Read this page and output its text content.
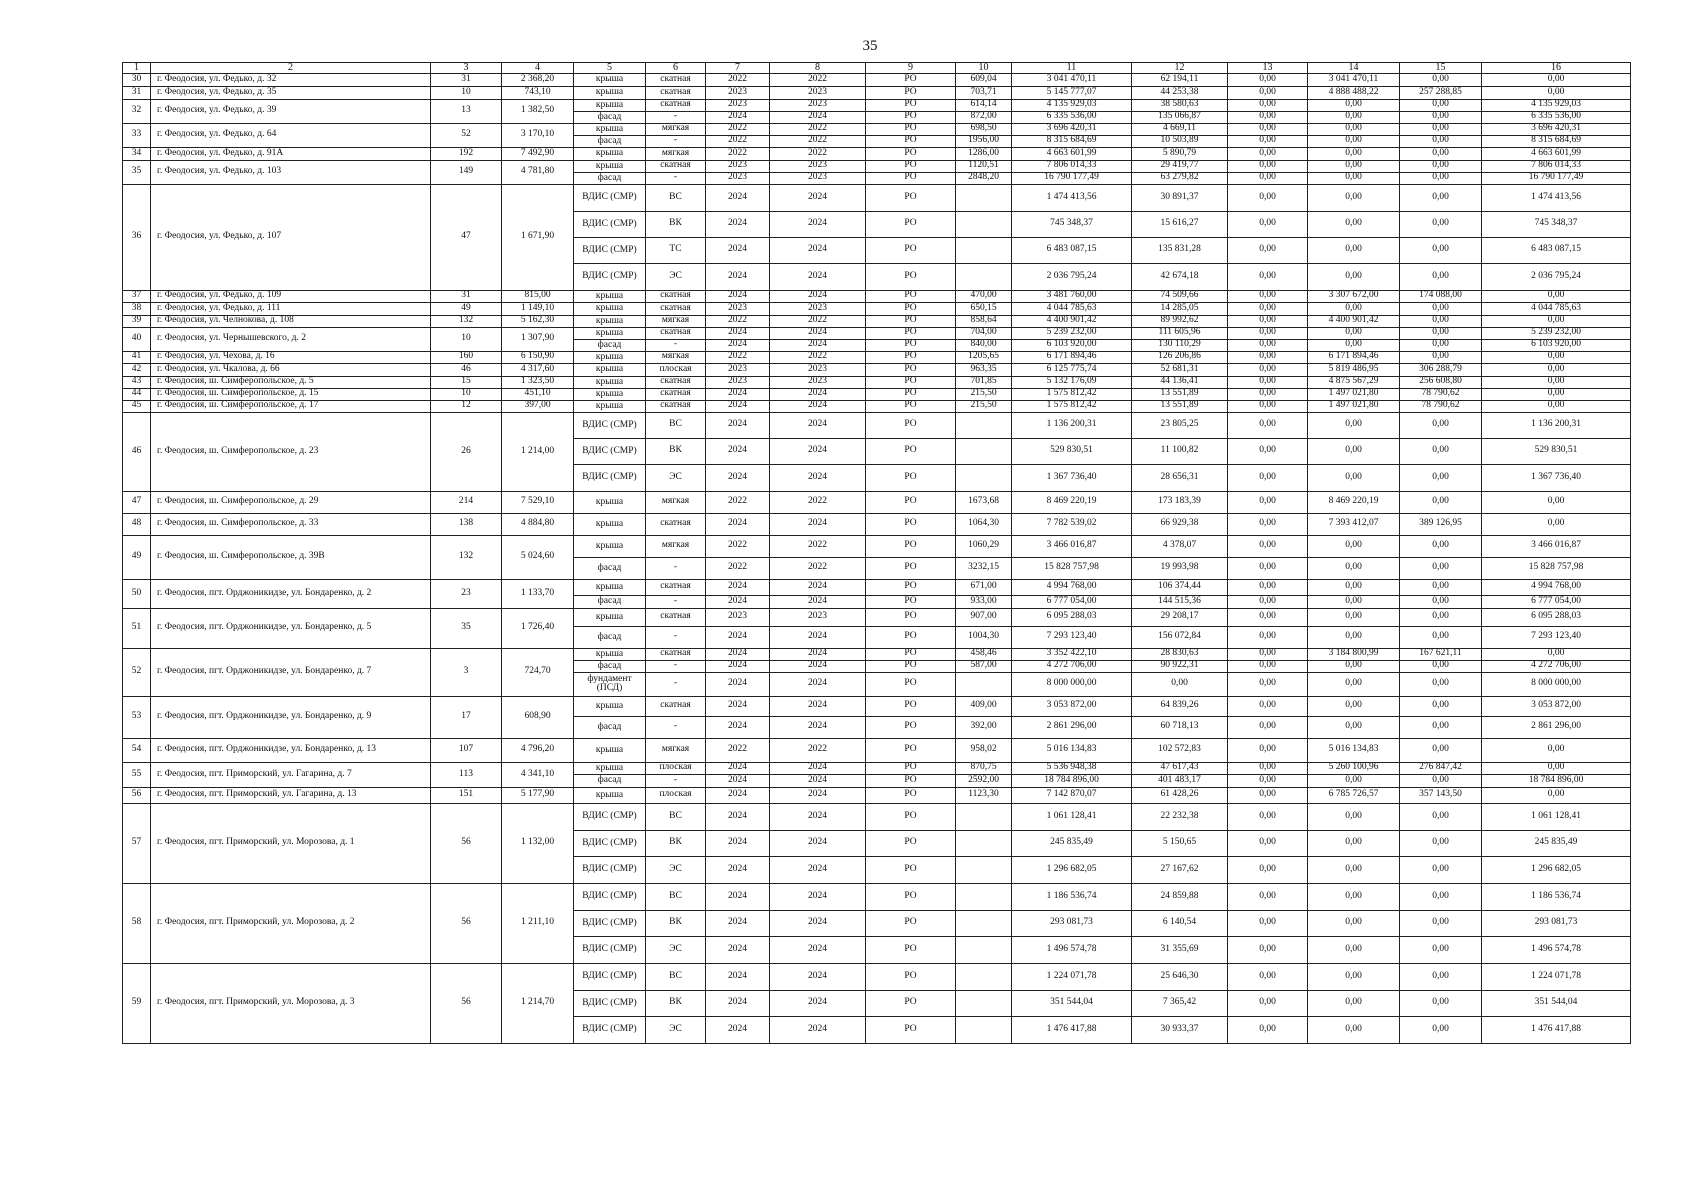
35
1	2	3	4	5	6	7	8	9	10	11	12	13	14	15	16
30	г. Феодосия, ул. Федько, д. 32	31	2 368,20	крыша	скатная	2022	2022	РО	609,04	3 041 470,11	62 194,11	0,00	3 041 470,11	0,00	0,00
31	г. Феодосия, ул. Федько, д. 35	10	743,10	крыша	скатная	2023	2023	РО	703,71	5 145 777,07	44 253,38	0,00	4 888 488,22	257 288,85	0,00
32	г. Феодосия, ул. Федько, д. 39	13	1 382,50	крыша	скатная	2023	2023	РО	614,14	4 135 929,03	38 580,63	0,00	0,00	0,00	4 135 929,03
				фасад	-	2024	2024	РО	872,00	6 335 536,00	135 066,87	0,00	0,00	0,00	6 335 536,00
33	г. Феодосия, ул. Федько, д. 64	52	3 170,10	крыша	мягкая	2022	2022	РО	698,50	3 696 420,31	4 669,11	0,00	0,00	0,00	3 696 420,31
				фасад	-	2022	2022	РО	1956,00	8 315 684,69	10 503,89	0,00	0,00	0,00	8 315 684,69
34	г. Феодосия, ул. Федько, д. 91А	192	7 492,90	крыша	мягкая	2022	2022	РО	1286,00	4 663 601,99	5 890,79	0,00	0,00	0,00	4 663 601,99
35	г. Феодосия, ул. Федько, д. 103	149	4 781,80	крыша	скатная	2023	2023	РО	1120,51	7 806 014,33	29 419,77	0,00	0,00	0,00	7 806 014,33
				фасад	-	2023	2023	РО	2848,20	16 790 177,49	63 279,82	0,00	0,00	0,00	16 790 177,49
36	г. Феодосия, ул. Федько, д. 107	47	1 671,90	ВДИС (СМР)	ВС	2024	2024	РО		1 474 413,56	30 891,37	0,00	0,00	0,00	1 474 413,56
				ВДИС (СМР)	ВК	2024	2024	РО		745 348,37	15 616,27	0,00	0,00	0,00	745 348,37
				ВДИС (СМР)	ТС	2024	2024	РО		6 483 087,15	135 831,28	0,00	0,00	0,00	6 483 087,15
				ВДИС (СМР)	ЭС	2024	2024	РО		2 036 795,24	42 674,18	0,00	0,00	0,00	2 036 795,24
37	г. Феодосия, ул. Федько, д. 109	31	815,00	крыша	скатная	2024	2024	РО	470,00	3 481 760,00	74 509,66	0,00	3 307 672,00	174 088,00	0,00
38	г. Феодосия, ул. Федько, д. 111	49	1 149,10	крыша	скатная	2023	2023	РО	650,15	4 044 785,63	14 285,05	0,00	0,00	0,00	4 044 785,63
39	г. Феодосия, ул. Челнокова, д. 108	132	5 162,30	крыша	мягкая	2022	2022	РО	858,64	4 400 901,42	89 992,62	0,00	4 400 901,42	0,00	0,00
40	г. Феодосия, ул. Чернышевского, д. 2	10	1 307,90	крыша	скатная	2024	2024	РО	704,00	5 239 232,00	111 605,96	0,00	0,00	0,00	5 239 232,00
				фасад	-	2024	2024	РО	840,00	6 103 920,00	130 110,29	0,00	0,00	0,00	6 103 920,00
41	г. Феодосия, ул. Чехова, д. 16	160	6 150,90	крыша	мягкая	2022	2022	РО	1205,65	6 171 894,46	126 206,86	0,00	6 171 894,46	0,00	0,00
42	г. Феодосия, ул. Чкалова, д. 66	46	4 317,60	крыша	плоская	2023	2023	РО	963,35	6 125 775,74	52 681,31	0,00	5 819 486,95	306 288,79	0,00
43	г. Феодосия, ш. Симферопольское, д. 5	15	1 323,50	крыша	скатная	2023	2023	РО	701,85	5 132 176,09	44 136,41	0,00	4 875 567,29	256 608,80	0,00
44	г. Феодосия, ш. Симферопольское, д. 15	10	451,10	крыша	скатная	2024	2024	РО	215,50	1 575 812,42	13 551,89	0,00	1 497 021,80	78 790,62	0,00
45	г. Феодосия, ш. Симферопольское, д. 17	12	397,00	крыша	скатная	2024	2024	РО	215,50	1 575 812,42	13 551,89	0,00	1 497 021,80	78 790,62	0,00
46	г. Феодосия, ш. Симферопольское, д. 23	26	1 214,00	ВДИС (СМР)	ВС	2024	2024	РО		1 136 200,31	23 805,25	0,00	0,00	0,00	1 136 200,31
				ВДИС (СМР)	ВК	2024	2024	РО		529 830,51	11 100,82	0,00	0,00	0,00	529 830,51
				ВДИС (СМР)	ЭС	2024	2024	РО		1 367 736,40	28 656,31	0,00	0,00	0,00	1 367 736,40
47	г. Феодосия, ш. Симферопольское, д. 29	214	7 529,10	крыша	мягкая	2022	2022	РО	1673,68	8 469 220,19	173 183,39	0,00	8 469 220,19	0,00	0,00
48	г. Феодосия, ш. Симферопольское, д. 33	138	4 884,80	крыша	скатная	2024	2024	РО	1064,30	7 782 539,02	66 929,38	0,00	7 393 412,07	389 126,95	0,00
49	г. Феодосия, ш. Симферопольское, д. 39В	132	5 024,60	крыша	мягкая	2022	2022	РО	1060,29	3 466 016,87	4 378,07	0,00	0,00	0,00	3 466 016,87
				фасад	-	2022	2022	РО	3232,15	15 828 757,98	19 993,98	0,00	0,00	0,00	15 828 757,98
50	г. Феодосия, пгт. Орджоникидзе, ул. Бондаренко, д. 2	23	1 133,70	крыша	скатная	2024	2024	РО	671,00	4 994 768,00	106 374,44	0,00	0,00	0,00	4 994 768,00
				фасад	-	2024	2024	РО	933,00	6 777 054,00	144 515,36	0,00	0,00	0,00	6 777 054,00
51	г. Феодосия, пгт. Орджоникидзе, ул. Бондаренко, д. 5	35	1 726,40	крыша	скатная	2023	2023	РО	907,00	6 095 288,03	29 208,17	0,00	0,00	0,00	6 095 288,03
				фасад	-	2024	2024	РО	1004,30	7 293 123,40	156 072,84	0,00	0,00	0,00	7 293 123,40
52	г. Феодосия, пгт. Орджоникидзе, ул. Бондаренко, д. 7	3	724,70	крыша	скатная	2024	2024	РО	458,46	3 352 422,10	28 830,63	0,00	3 184 800,99	167 621,11	0,00
				фасад	-	2024	2024	РО	587,00	4 272 706,00	90 922,31	0,00	0,00	0,00	4 272 706,00
				фундамент (ПСД)	-	2024	2024	РО		8 000 000,00	0,00	0,00	0,00	0,00	8 000 000,00
53	г. Феодосия, пгт. Орджоникидзе, ул. Бондаренко, д. 9	17	608,90	крыша	скатная	2024	2024	РО	409,00	3 053 872,00	64 839,26	0,00	0,00	0,00	3 053 872,00
				фасад	-	2024	2024	РО	392,00	2 861 296,00	60 718,13	0,00	0,00	0,00	2 861 296,00
54	г. Феодосия, пгт. Орджоникидзе, ул. Бондаренко, д. 13	107	4 796,20	крыша	мягкая	2022	2022	РО	958,02	5 016 134,83	102 572,83	0,00	5 016 134,83	0,00	0,00
55	г. Феодосия, пгт. Приморский, ул. Гагарина, д. 7	113	4 341,10	крыша	плоская	2024	2024	РО	870,75	5 536 948,38	47 617,43	0,00	5 260 100,96	276 847,42	0,00
				фасад	-	2024	2024	РО	2592,00	18 784 896,00	401 483,17	0,00	0,00	0,00	18 784 896,00
56	г. Феодосия, пгт. Приморский, ул. Гагарина, д. 13	151	5 177,90	крыша	плоская	2024	2024	РО	1123,30	7 142 870,07	61 428,26	0,00	6 785 726,57	357 143,50	0,00
57	г. Феодосия, пгт. Приморский, ул. Морозова, д. 1	56	1 132,00	ВДИС (СМР)	ВС	2024	2024	РО		1 061 128,41	22 232,38	0,00	0,00	0,00	1 061 128,41
				ВДИС (СМР)	ВК	2024	2024	РО		245 835,49	5 150,65	0,00	0,00	0,00	245 835,49
				ВДИС (СМР)	ЭС	2024	2024	РО		1 296 682,05	27 167,62	0,00	0,00	0,00	1 296 682,05
58	г. Феодосия, пгт. Приморский, ул. Морозова, д. 2	56	1 211,10	ВДИС (СМР)	ВС	2024	2024	РО		1 186 536,74	24 859,88	0,00	0,00	0,00	1 186 536,74
				ВДИС (СМР)	ВК	2024	2024	РО		293 081,73	6 140,54	0,00	0,00	0,00	293 081,73
				ВДИС (СМР)	ЭС	2024	2024	РО		1 496 574,78	31 355,69	0,00	0,00	0,00	1 496 574,78
59	г. Феодосия, пгт. Приморский, ул. Морозова, д. 3	56	1 214,70	ВДИС (СМР)	ВС	2024	2024	РО		1 224 071,78	25 646,30	0,00	0,00	0,00	1 224 071,78
				ВДИС (СМР)	ВК	2024	2024	РО		351 544,04	7 365,42	0,00	0,00	0,00	351 544,04
				ВДИС (СМР)	ЭС	2024	2024	РО		1 476 417,88	30 933,37	0,00	0,00	0,00	1 476 417,88
